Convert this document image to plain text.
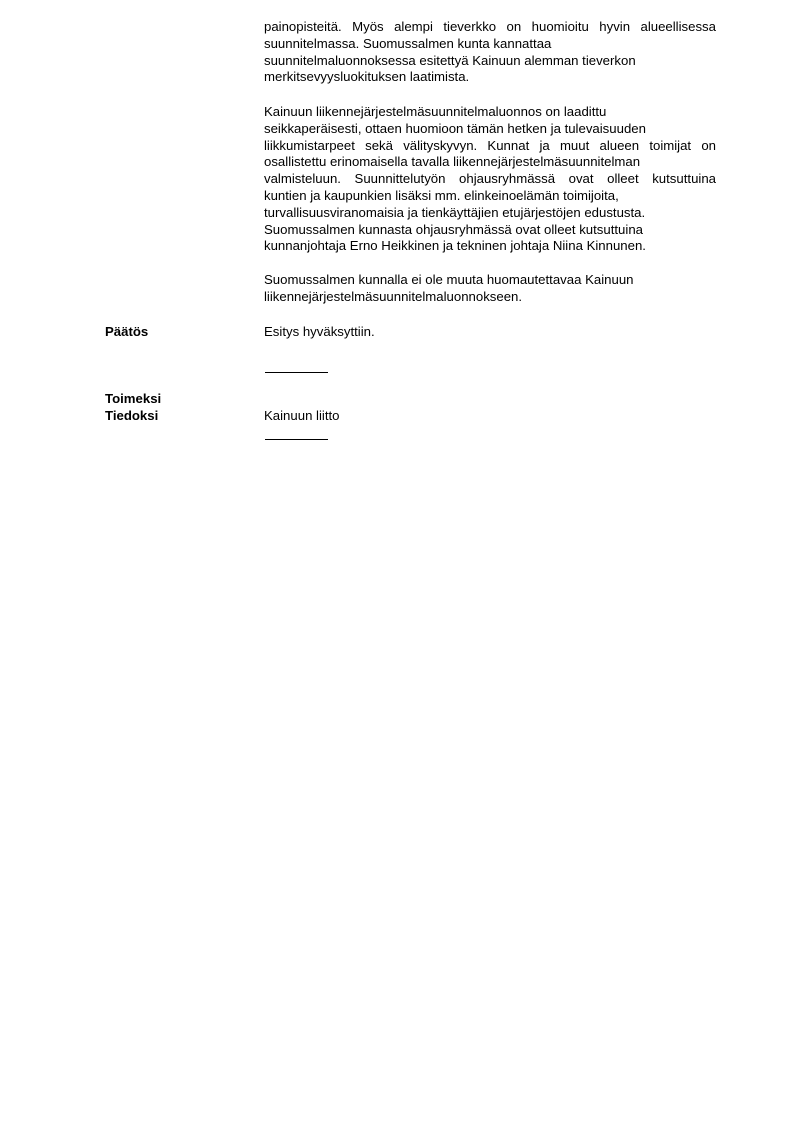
painopisteitä. Myös alempi tieverkko on huomioitu hyvin alueellisessa
suunnitelmassa. Suomussalmen kunta kannattaa
suunnitelmaluonnoksessa esitettyä Kainuun alemman tieverkon
merkitsevyysluokituksen laatimista.
Kainuun liikennejärjestelmäsuunnitelmaluonnos on laadittu
seikkaperäisesti, ottaen huomioon tämän hetken ja tulevaisuuden
liikkumistarpeet sekä välityskyvyn. Kunnat ja muut alueen toimijat on
osallistettu erinomaisella tavalla liikennejärjestelmäsuunnitelman
valmisteluun. Suunnittelutyön ohjausryhmässä ovat olleet kutsuttuina
kuntien ja kaupunkien lisäksi mm. elinkeinoelämän toimijoita,
turvallisuusviranomaisia ja tienkäyttäjien etujärjestöjen edustusta.
Suomussalmen kunnasta ohjausryhmässä ovat olleet kutsuttuina
kunnanjohtaja Erno Heikkinen ja tekninen johtaja Niina Kinnunen.
Suomussalmen kunnalla ei ole muuta huomautettavaa Kainuun
liikennejärjestelmäsuunnitelmaluonnokseen.
Päätös	Esitys hyväksyttiin.
Toimeksi
Tiedoksi	Kainuun liitto
